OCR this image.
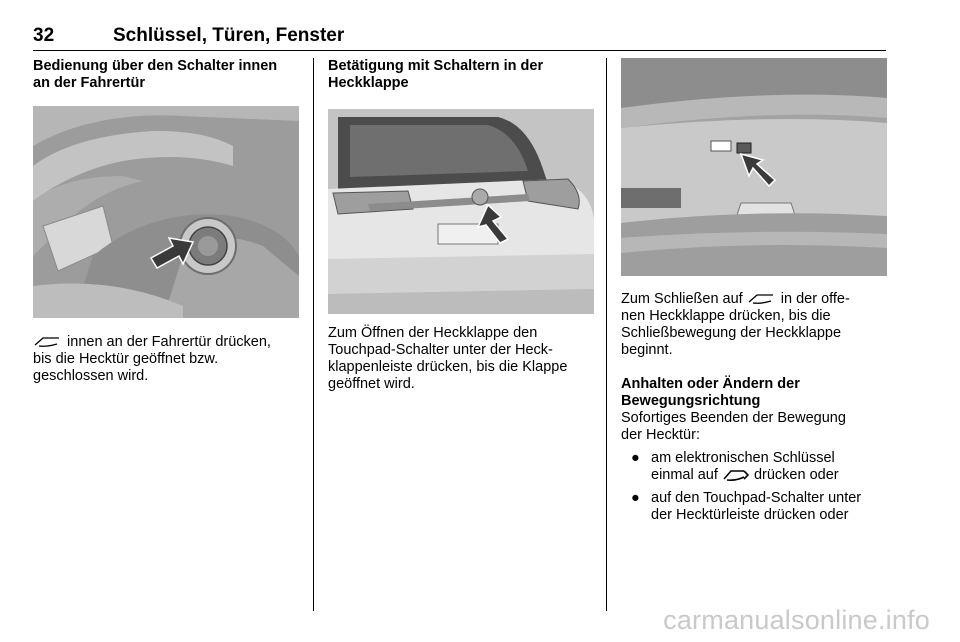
32	Schlüssel, Türen, Fenster

Bedienung über den Schalter innen
an der Fahrertür

innen an der Fahrertür drücken,
bis die Hecktür geöffnet bzw.
geschlossen wird.

Betätigung mit Schaltern in der
Heckklappe

Zum Öffnen der Heckklappe den
Touchpad-Schalter unter der Heck-
klappenleiste drücken, bis die Klappe
geöffnet wird.

Zum Schließen auf	in der offe-
nen Heckklappe drücken, bis die
Schließbewegung der Heckklappe
beginnt.

Anhalten oder Ändern der
Bewegungsrichtung

Sofortiges Beenden der Bewegung
der Hecktür:

● am elektronischen Schlüssel
einmal auf drücken oder
● auf den Touchpad-Schalter unter
der Hecktürleiste drücken oder
carmanualsonline.info
